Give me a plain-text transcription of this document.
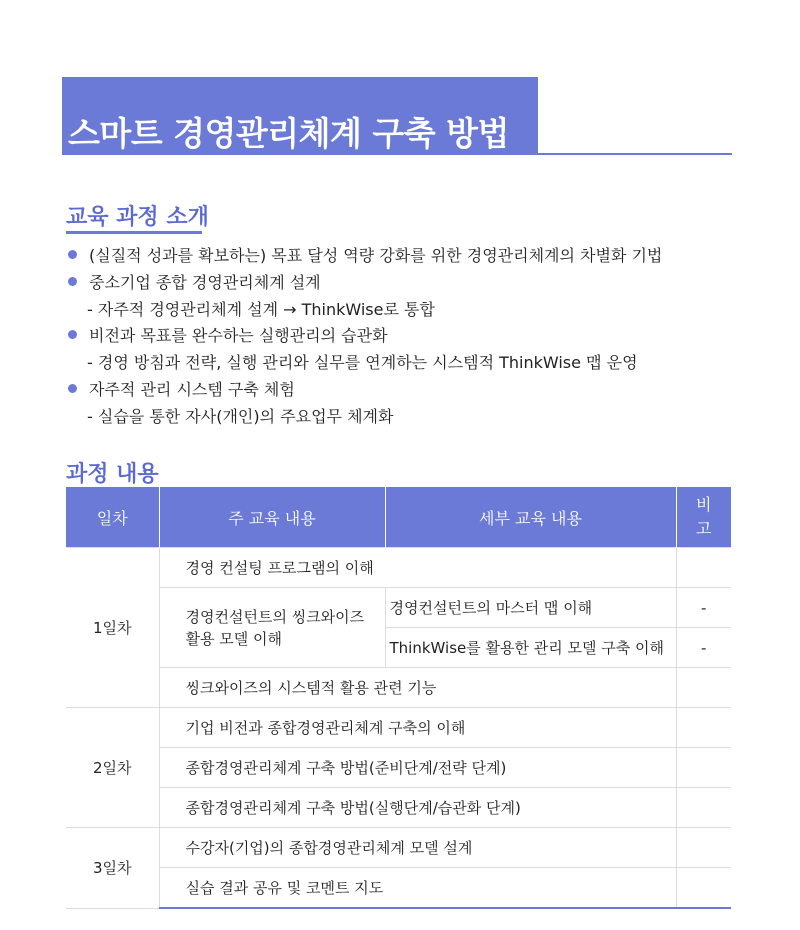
스마트 경영관리체계 구축 방법
교육 과정 소개
(실질적 성과를 확보하는) 목표 달성 역량 강화를 위한 경영관리체계의 차별화 기법
중소기업 종합 경영관리체계 설계
- 자주적 경영관리체계 설계 → ThinkWise로 통합
비전과 목표를 완수하는 실행관리의 습관화
- 경영 방침과 전략, 실행 관리와 실무를 연계하는 시스템적 ThinkWise 맵 운영
자주적 관리 시스템 구축 체험
- 실습을 통한 자사(개인)의 주요업무 체계화
과정 내용
일차	주 교육 내용	세부 교육 내용	비고

1일차	경영 컨설팅 프로그램의 이해		

	경영컨설턴트의 씽크와이즈 활용 모델 이해	경영컨설턴트의 마스터 맵 이해	-
		ThinkWise를 활용한 관리 모델 구축 이해	-
	씽크와이즈의 시스템적 활용 관련 기능		
2일차	기업 비전과 종합경영관리체계 구축의 이해		
	종합경영관리체계 구축 방법(준비단계/전략 단계)		
	종합경영관리체계 구축 방법(실행단계/습관화 단계)		
3일차	수강자(기업)의 종합경영관리체계 모델 설계		
	실습 결과 공유 및 코멘트 지도		
